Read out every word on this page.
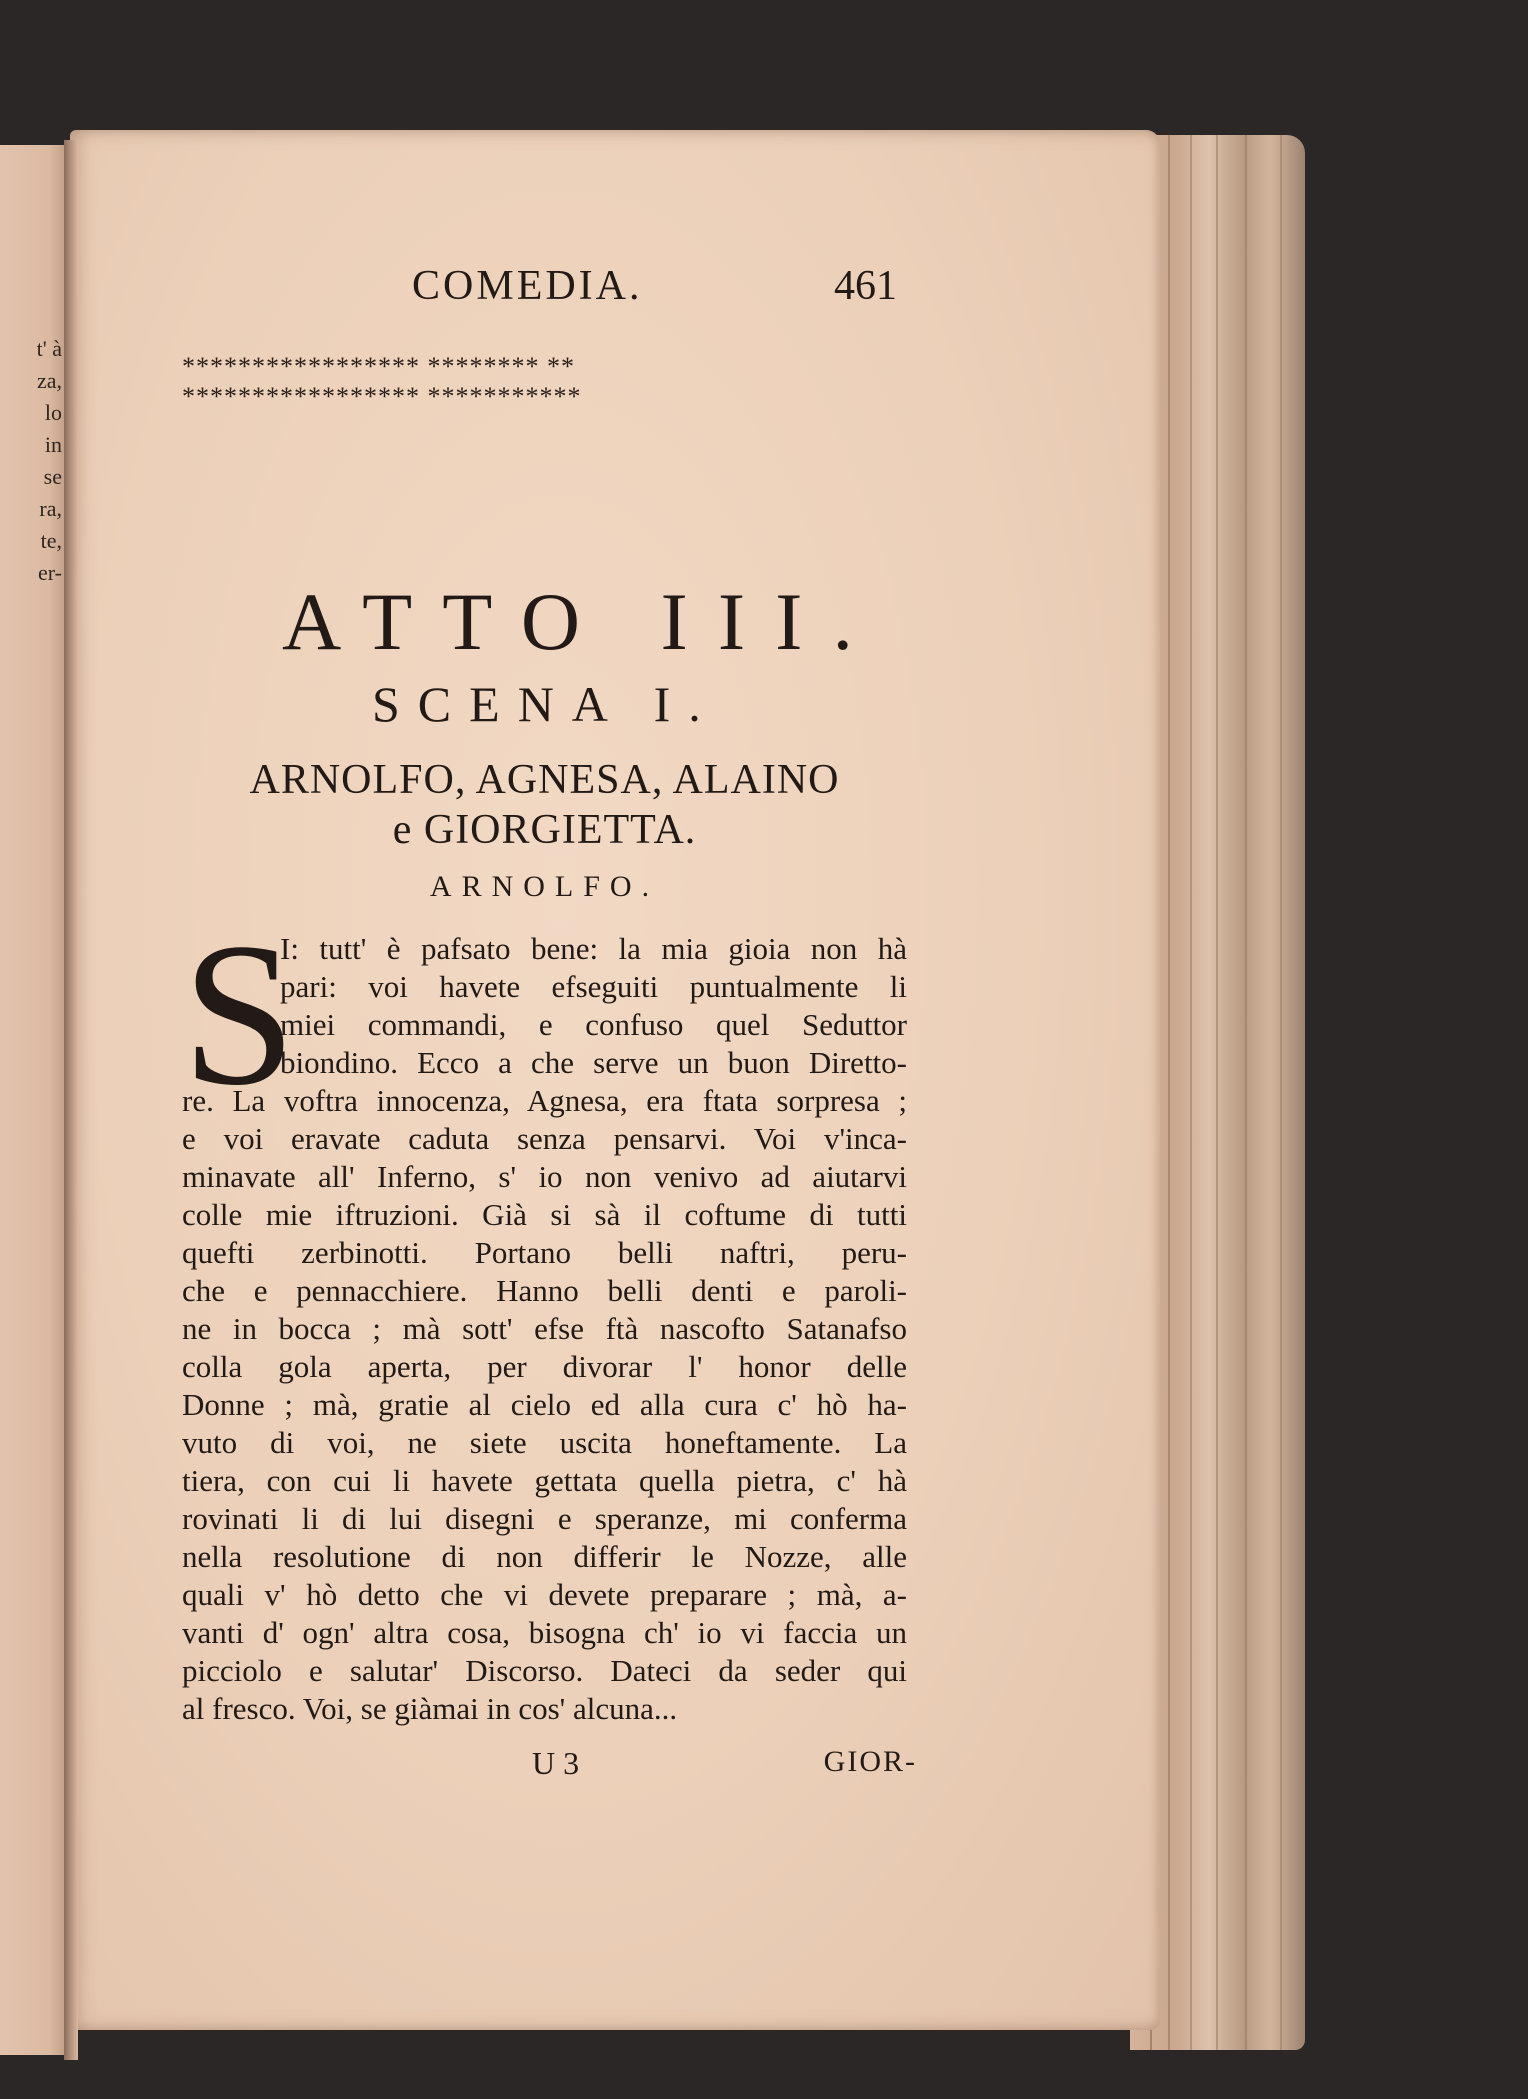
t' à
za,
lo
in
se
ra,
te,
er-
COMEDIA.	461
***************** ******** **
***************** ***********
ATTO III.
SCENA I.
ARNOLFO, AGNESA, ALAINO
e GIORGIETTA.
ARNOLFO.
S
I: tutt' è pafsato bene: la mia gioia non hà
pari: voi havete efseguiti puntualmente li
miei commandi, e confuso quel Seduttor
biondino. Ecco a che serve un buon Diretto-
re. La voftra innocenza, Agnesa, era ftata sorpresa ;
e voi eravate caduta senza pensarvi. Voi v'inca-
minavate all' Inferno, s' io non venivo ad aiutarvi
colle mie iftruzioni. Già si sà il coftume di tutti
quefti zerbinotti. Portano belli naftri, peru-
che e pennacchiere. Hanno belli denti e paroli-
ne in bocca ; mà sott' efse ftà nascofto Satanafso
colla gola aperta, per divorar l' honor delle
Donne ; mà, gratie al cielo ed alla cura c' hò ha-
vuto di voi, ne siete uscita honeftamente. La
tiera, con cui li havete gettata quella pietra, c' hà
rovinati li di lui disegni e speranze, mi conferma
nella resolutione di non differir le Nozze, alle
quali v' hò detto che vi devete preparare ; mà, a-
vanti d' ogn' altra cosa, bisogna ch' io vi faccia un
picciolo e salutar' Discorso. Dateci da seder qui
al fresco. Voi, se giàmai in cos' alcuna...
U 3	GIOR-
